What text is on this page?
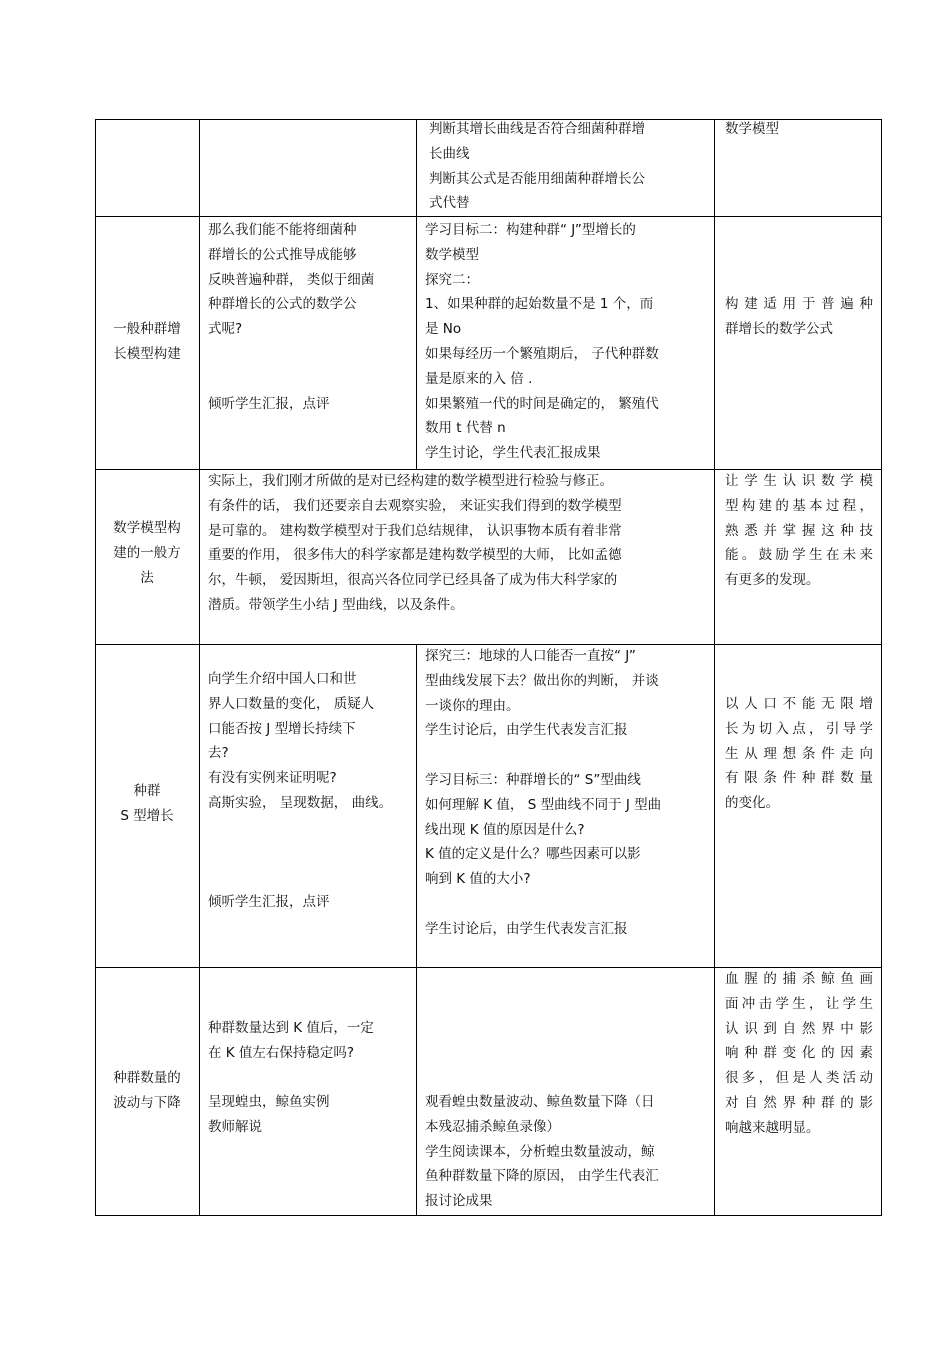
判断其增长曲线是否符合细菌种群增
长曲线
判断其公式是否能用细菌种群增长公
式代替
数学模型
一般种群增
长模型构建
那么我们能不能将细菌种
群增长的公式推导成能够
反映普遍种群， 类似于细菌
种群增长的公式的数学公
式呢?

倾听学生汇报，点评
学习目标二：构建种群“ J”型增长的
数学模型
探究二：
1、如果种群的起始数量不是 1 个，而
是 No
如果每经历一个繁殖期后， 子代种群数
量是原来的入 倍 .
如果繁殖一代的时间是确定的， 繁殖代
数用 t 代替 n
学生讨论，学生代表汇报成果
构建适用于普遍种
群增长的数学公式
数学模型构
建的一般方
法
实际上，我们刚才所做的是对已经构建的数学模型进行检验与修正。
有条件的话， 我们还要亲自去观察实验， 来证实我们得到的数学模型
是可靠的。 建构数学模型对于我们总结规律， 认识事物本质有着非常
重要的作用， 很多伟大的科学家都是建构数学模型的大师， 比如孟德
尔，牛顿， 爱因斯坦，很高兴各位同学已经具备了成为伟大科学家的
潜质。带领学生小结 J 型曲线，以及条件。
让学生认识数学模
型构建的基本过程，
熟悉并掌握这种技
能。鼓励学生在未来
有更多的发现。
种群
S 型增长
向学生介绍中国人口和世
界人口数量的变化， 质疑人
口能否按 J 型增长持续下
去?
有没有实例来证明呢?
高斯实验， 呈现数据， 曲线。

倾听学生汇报，点评
探究三：地球的人口能否一直按“ J”
型曲线发展下去？做出你的判断， 并谈
一谈你的理由。
学生讨论后，由学生代表发言汇报

学习目标三：种群增长的“ S”型曲线
如何理解 K 值， S 型曲线不同于 J 型曲
线出现 K 值的原因是什么?
K 值的定义是什么？哪些因素可以影
响到 K 值的大小?

学生讨论后，由学生代表发言汇报
以人口不能无限增
长为切入点，引导学
生从理想条件走向
有限条件种群数量
的变化。
种群数量的
波动与下降
种群数量达到 K 值后，一定
在 K 值左右保持稳定吗?

呈现蝗虫，鲸鱼实例
教师解说
观看蝗虫数量波动、鲸鱼数量下降（日
本残忍捕杀鲸鱼录像）
学生阅读课本，分析蝗虫数量波动，鲸
鱼种群数量下降的原因， 由学生代表汇
报讨论成果
血腥的捕杀鲸鱼画
面冲击学生，让学生
认识到自然界中影
响种群变化的因素
很多，但是人类活动
对自然界种群的影
响越来越明显。
